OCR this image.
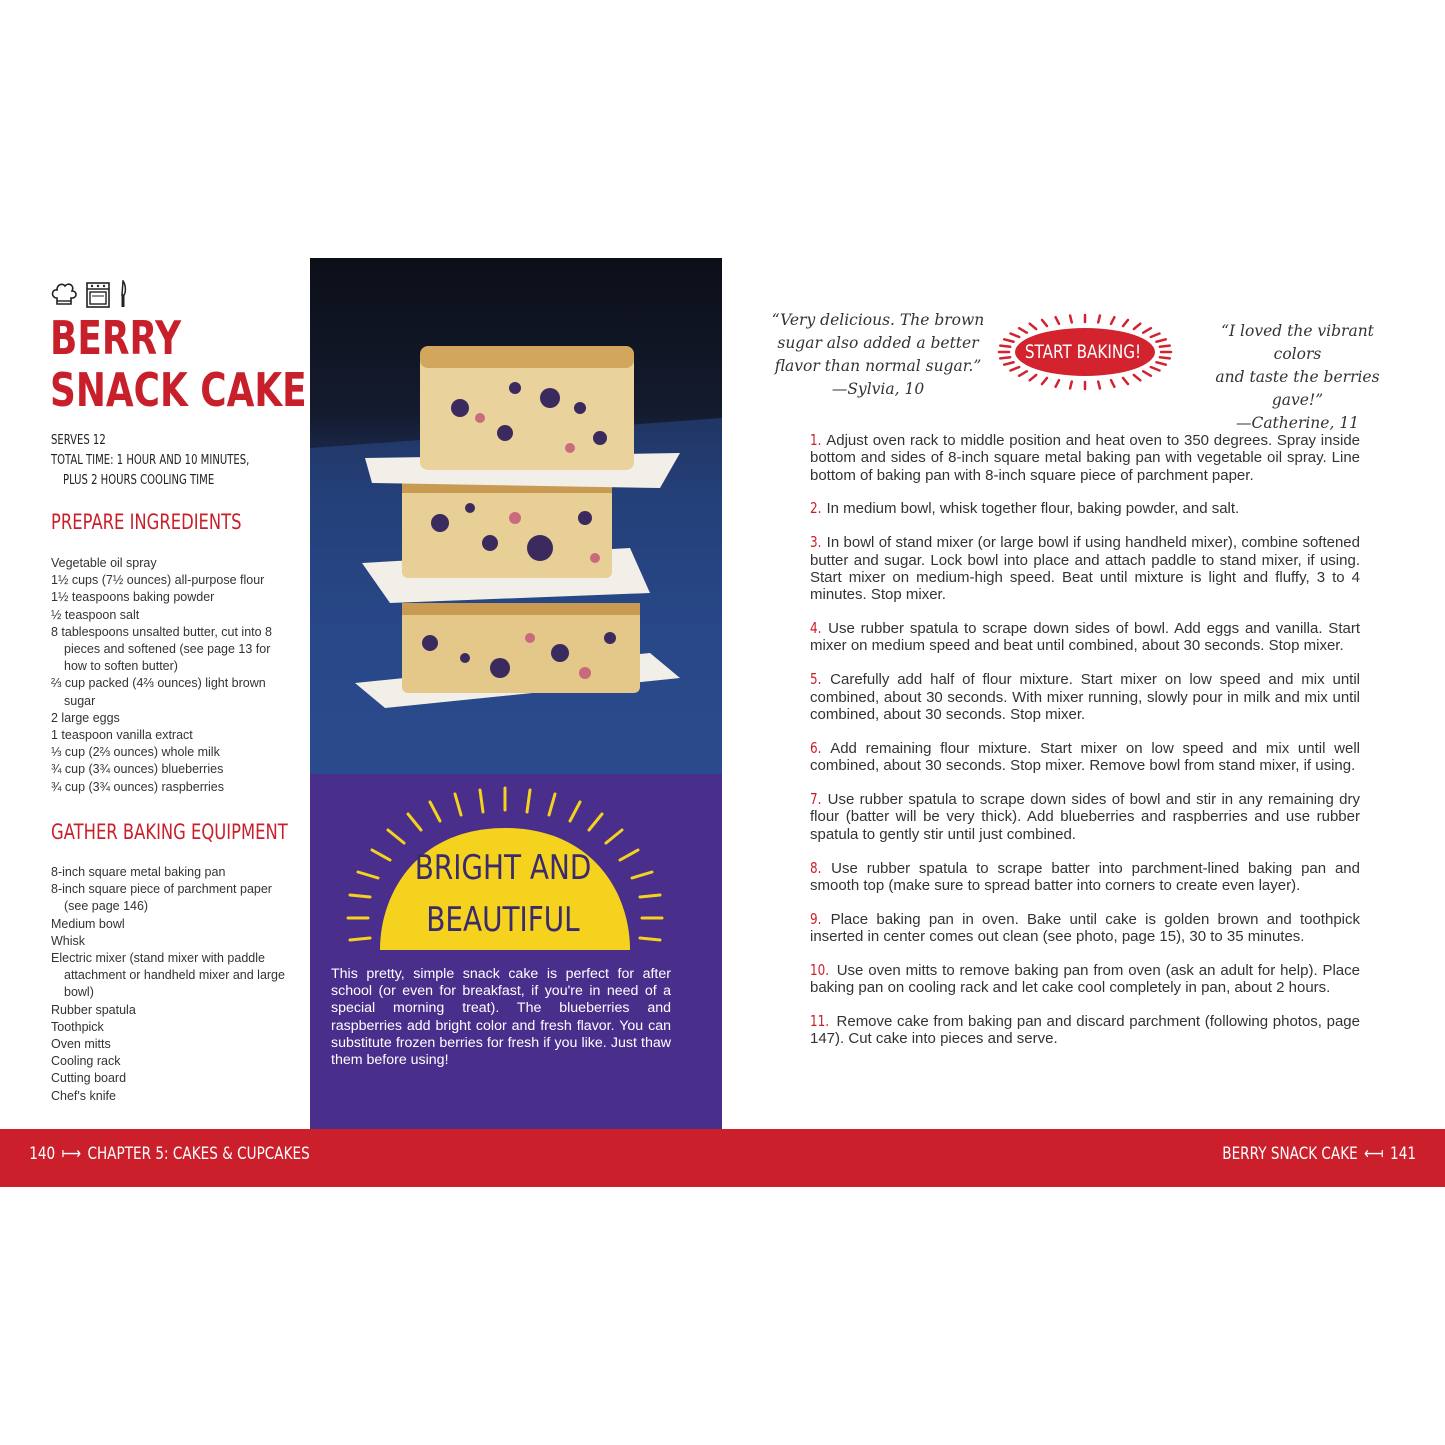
BERRY
SNACK CAKE
SERVES 12
TOTAL TIME: 1 HOUR AND 10 MINUTES,
PLUS 2 HOURS COOLING TIME
PREPARE INGREDIENTS
Vegetable oil spray
1½ cups (7½ ounces) all-purpose flour
1½ teaspoons baking powder
½ teaspoon salt
8 tablespoons unsalted butter, cut into 8 pieces and softened (see page 13 for how to soften butter)
⅔ cup packed (4⅔ ounces) light brown sugar
2 large eggs
1 teaspoon vanilla extract
⅓ cup (2⅔ ounces) whole milk
¾ cup (3¾ ounces) blueberries
¾ cup (3¾ ounces) raspberries
GATHER BAKING EQUIPMENT
8-inch square metal baking pan
8-inch square piece of parchment paper (see page 146)
Medium bowl
Whisk
Electric mixer (stand mixer with paddle attachment or handheld mixer and large bowl)
Rubber spatula
Toothpick
Oven mitts
Cooling rack
Cutting board
Chef's knife
BRIGHT AND
BEAUTIFUL

This pretty, simple snack cake is perfect for after school (or even for breakfast, if you're in need of a special morning treat). The blueberries and raspberries add bright color and fresh flavor. You can substitute frozen berries for fresh if you like. Just thaw them before using!

“Very delicious. The brown
sugar also added a better
flavor than normal sugar.”
—Sylvia, 10
START BAKING!
“I loved the vibrant colors
and taste the berries gave!”
—Catherine, 11
1. Adjust oven rack to middle position and heat oven to 350 degrees. Spray inside bottom and sides of 8-inch square metal baking pan with vegetable oil spray. Line bottom of baking pan with 8-inch square piece of parchment paper.
2. In medium bowl, whisk together flour, baking powder, and salt.
3. In bowl of stand mixer (or large bowl if using handheld mixer), combine softened butter and sugar. Lock bowl into place and attach paddle to stand mixer, if using. Start mixer on medium-high speed. Beat until mixture is light and fluffy, 3 to 4 minutes. Stop mixer.
4. Use rubber spatula to scrape down sides of bowl. Add eggs and vanilla. Start mixer on medium speed and beat until combined, about 30 seconds. Stop mixer.
5. Carefully add half of flour mixture. Start mixer on low speed and mix until combined, about 30 seconds. With mixer running, slowly pour in milk and mix until combined, about 30 seconds. Stop mixer.
6. Add remaining flour mixture. Start mixer on low speed and mix until well combined, about 30 seconds. Stop mixer. Remove bowl from stand mixer, if using.
7. Use rubber spatula to scrape down sides of bowl and stir in any remaining dry flour (batter will be very thick). Add blueberries and raspberries and use rubber spatula to gently stir until just combined.
8. Use rubber spatula to scrape batter into parchment-lined baking pan and smooth top (make sure to spread batter into corners to create even layer).
9. Place baking pan in oven. Bake until cake is golden brown and toothpick inserted in center comes out clean (see photo, page 15), 30 to 35 minutes.
10. Use oven mitts to remove baking pan from oven (ask an adult for help). Place baking pan on cooling rack and let cake cool completely in pan, about 2 hours.
11. Remove cake from baking pan and discard parchment (following photos, page 147). Cut cake into pieces and serve.
140 ⟼ CHAPTER 5: CAKES & CUPCAKES	BERRY SNACK CAKE ⟻ 141
